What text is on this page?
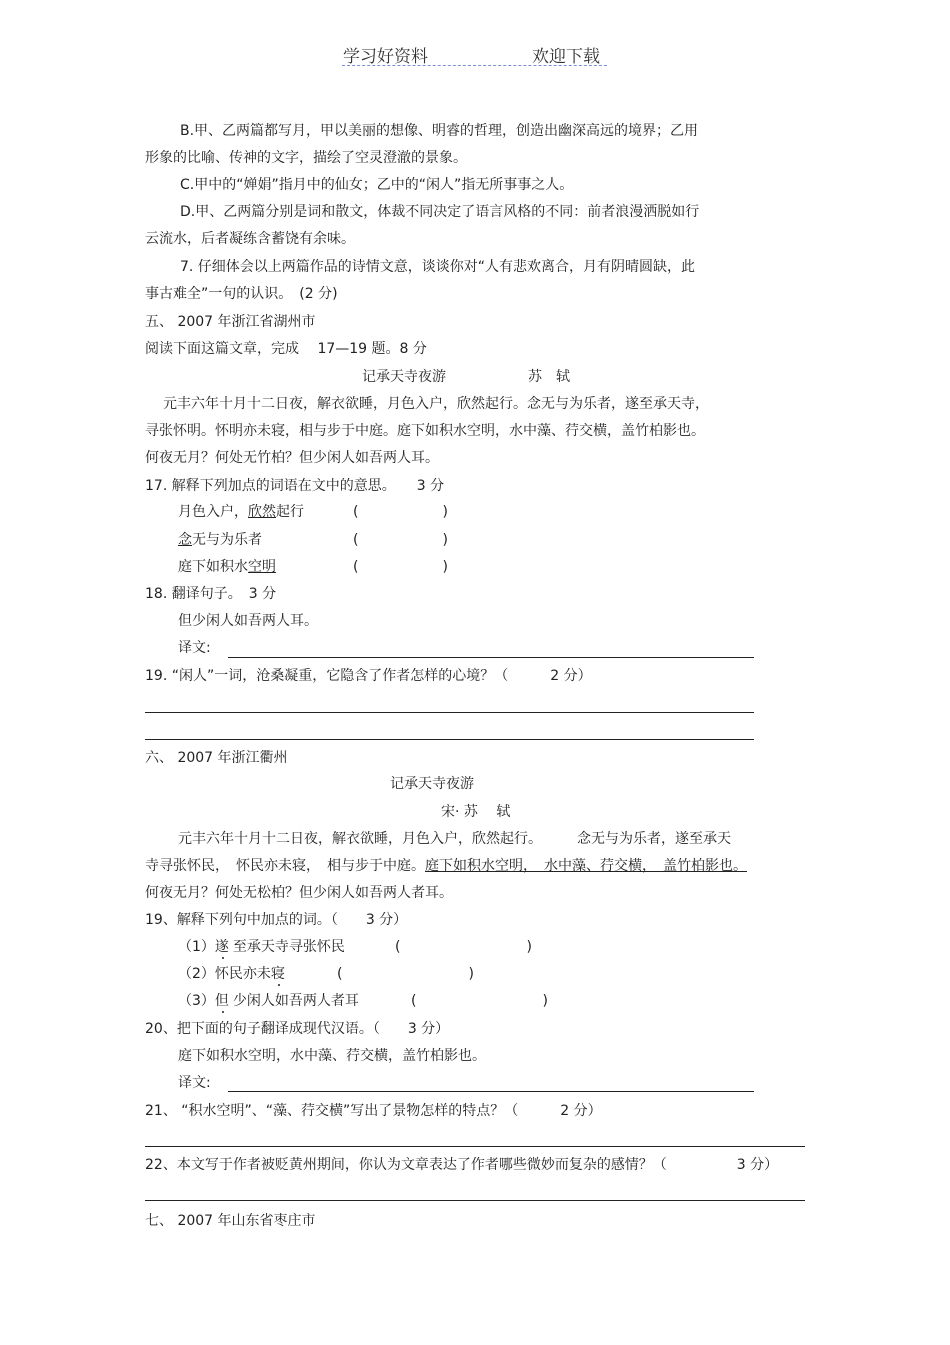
学习好资料	欢迎下载
B.甲、乙两篇都写月，甲以美丽的想像、明睿的哲理，创造出幽深高远的境界；乙用
形象的比喻、传神的文字，描绘了空灵澄澈的景象。
C.甲中的“婵娟”指月中的仙女；乙中的“闲人”指无所事事之人。
D.甲、乙两篇分别是词和散文，体裁不同决定了语言风格的不同：前者浪漫洒脱如行
云流水，后者凝练含蓄饶有余味。
7. 仔细体会以上两篇作品的诗情文意，谈谈你对“人有悲欢离合，月有阴晴圆缺，此
事古难全”一句的认识。　(2 分)
五、 2007 年浙江省湖州市
阅读下面这篇文章，完成　 17—19 题。8 分
记承天寺夜游	苏　轼
元丰六年十月十二日夜，解衣欲睡，月色入户，欣然起行。念无与为乐者，遂至承天寺，
寻张怀明。怀明亦未寝，相与步于中庭。庭下如积水空明，水中藻、荇交横，盖竹柏影也。
何夜无月？何处无竹柏？但少闲人如吾两人耳。
17. 解释下列加点的词语在文中的意思。　　3 分
月色入户，欣然起行	(　　　　　　)
念无与为乐者	(　　　　　　)
庭下如积水空明	(　　　　　　)
18. 翻译句子。　3 分
但少闲人如吾两人耳。
译文:
19. “闲人”一词，沧桑凝重，它隐含了作者怎样的心境？（　　　2 分）
六、 2007 年浙江衢州
记承天寺夜游
宋· 苏　 轼
元丰六年十月十二日夜，解衣欲睡，月色入户，欣然起行。　　　念无与为乐者，遂至承天
寺寻张怀民，　怀民亦未寝，　相与步于中庭。庭下如积水空明，　水中藻、荇交横，　盖竹柏影也。
何夜无月？何处无松柏？但少闲人如吾两人者耳。
19、解释下列句中加点的词。（　　3 分）
（1）遂 至承天寺寻张怀民	(　　　　　　　　　)
（2）怀民亦未寝	(　　　　　　　　　)
（3）但 少闲人如吾两人者耳	(　　　　　　　　　)
20、把下面的句子翻译成现代汉语。（　　3 分）
庭下如积水空明，水中藻、荇交横，盖竹柏影也。
译文:
21、 “积水空明”、“藻、荇交横”写出了景物怎样的特点？（　　　2 分）
22、本文写于作者被贬黄州期间，你认为文章表达了作者哪些微妙而复杂的感情？（　　　　　3 分）
七、 2007 年山东省枣庄市
